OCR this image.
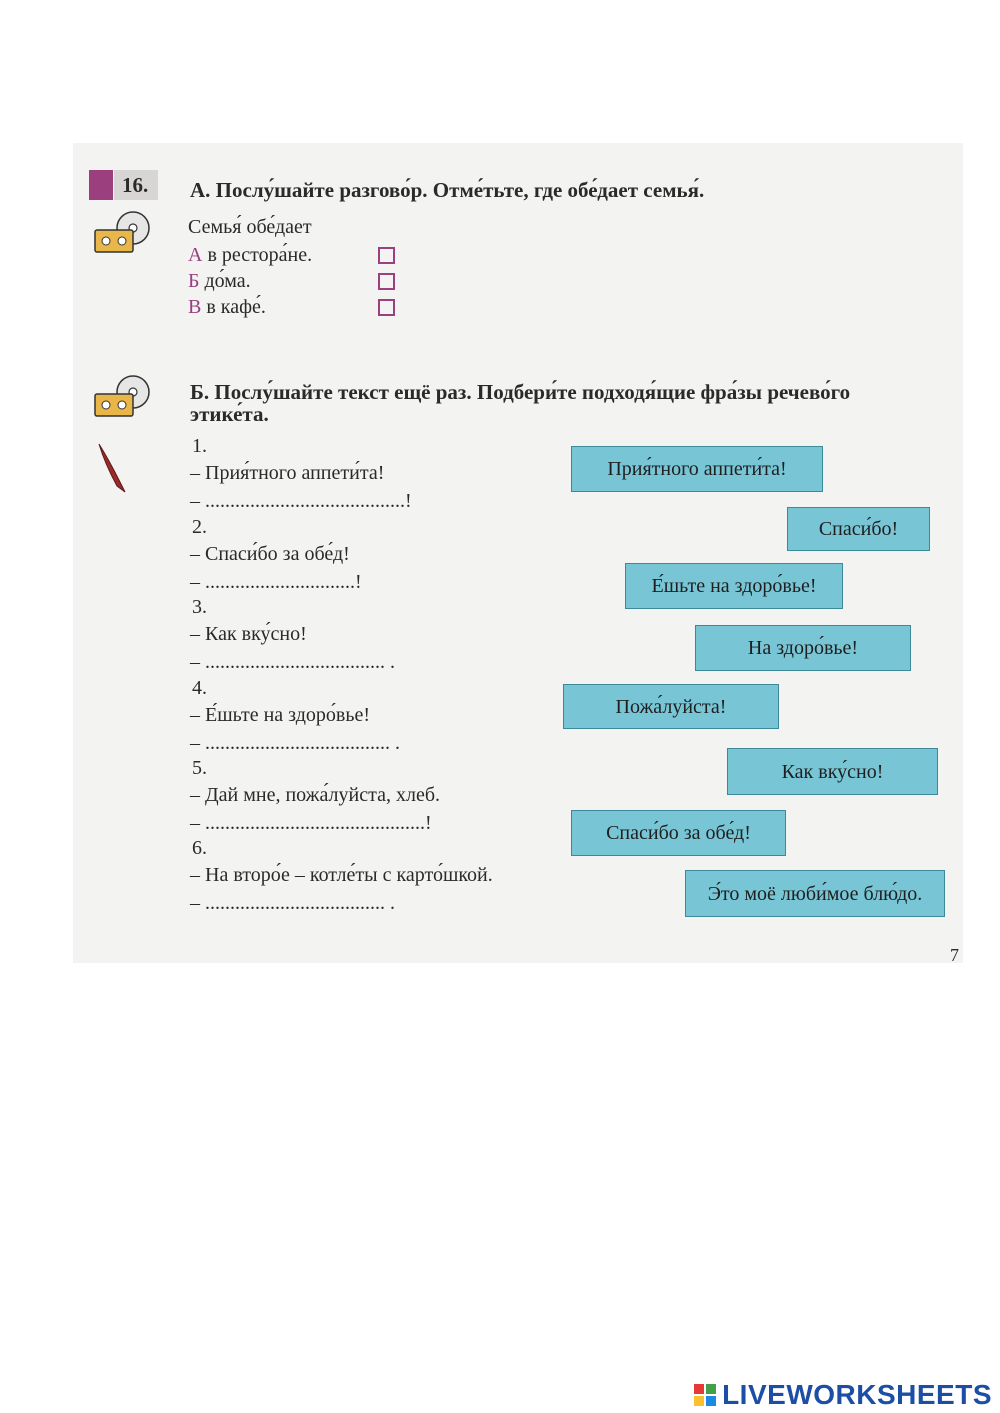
16.	А. Послу́шайте разгово́р. Отме́тьте, где обе́дает семья́.
Семья́ обе́дает
А в рестора́не.
Б до́ма.
В в кафе́.
Б. Послу́шайте текст ещё раз. Подбери́те подходя́щие фра́зы речево́го
этике́та.
1.
– Прия́тного аппети́та!
– ........................................!
2.
– Спаси́бо за обе́д!
– ..............................!
3.
– Как вку́сно!
– .................................... .
4.
– Е́шьте на здоро́вье!
– ..................................... .
5.
– Дай мне, пожа́луйста, хлеб.
– ............................................!
6.
– На второ́е – котле́ты с карто́шкой.
– .................................... .
Прия́тного аппети́та!
Спаси́бо!
Е́шьте на здоро́вье!
На здоро́вье!
Пожа́луйста!
Как вку́сно!
Спаси́бо за обе́д!
Э́то моё люби́мое блю́до.
7
LIVEWORKSHEETS
